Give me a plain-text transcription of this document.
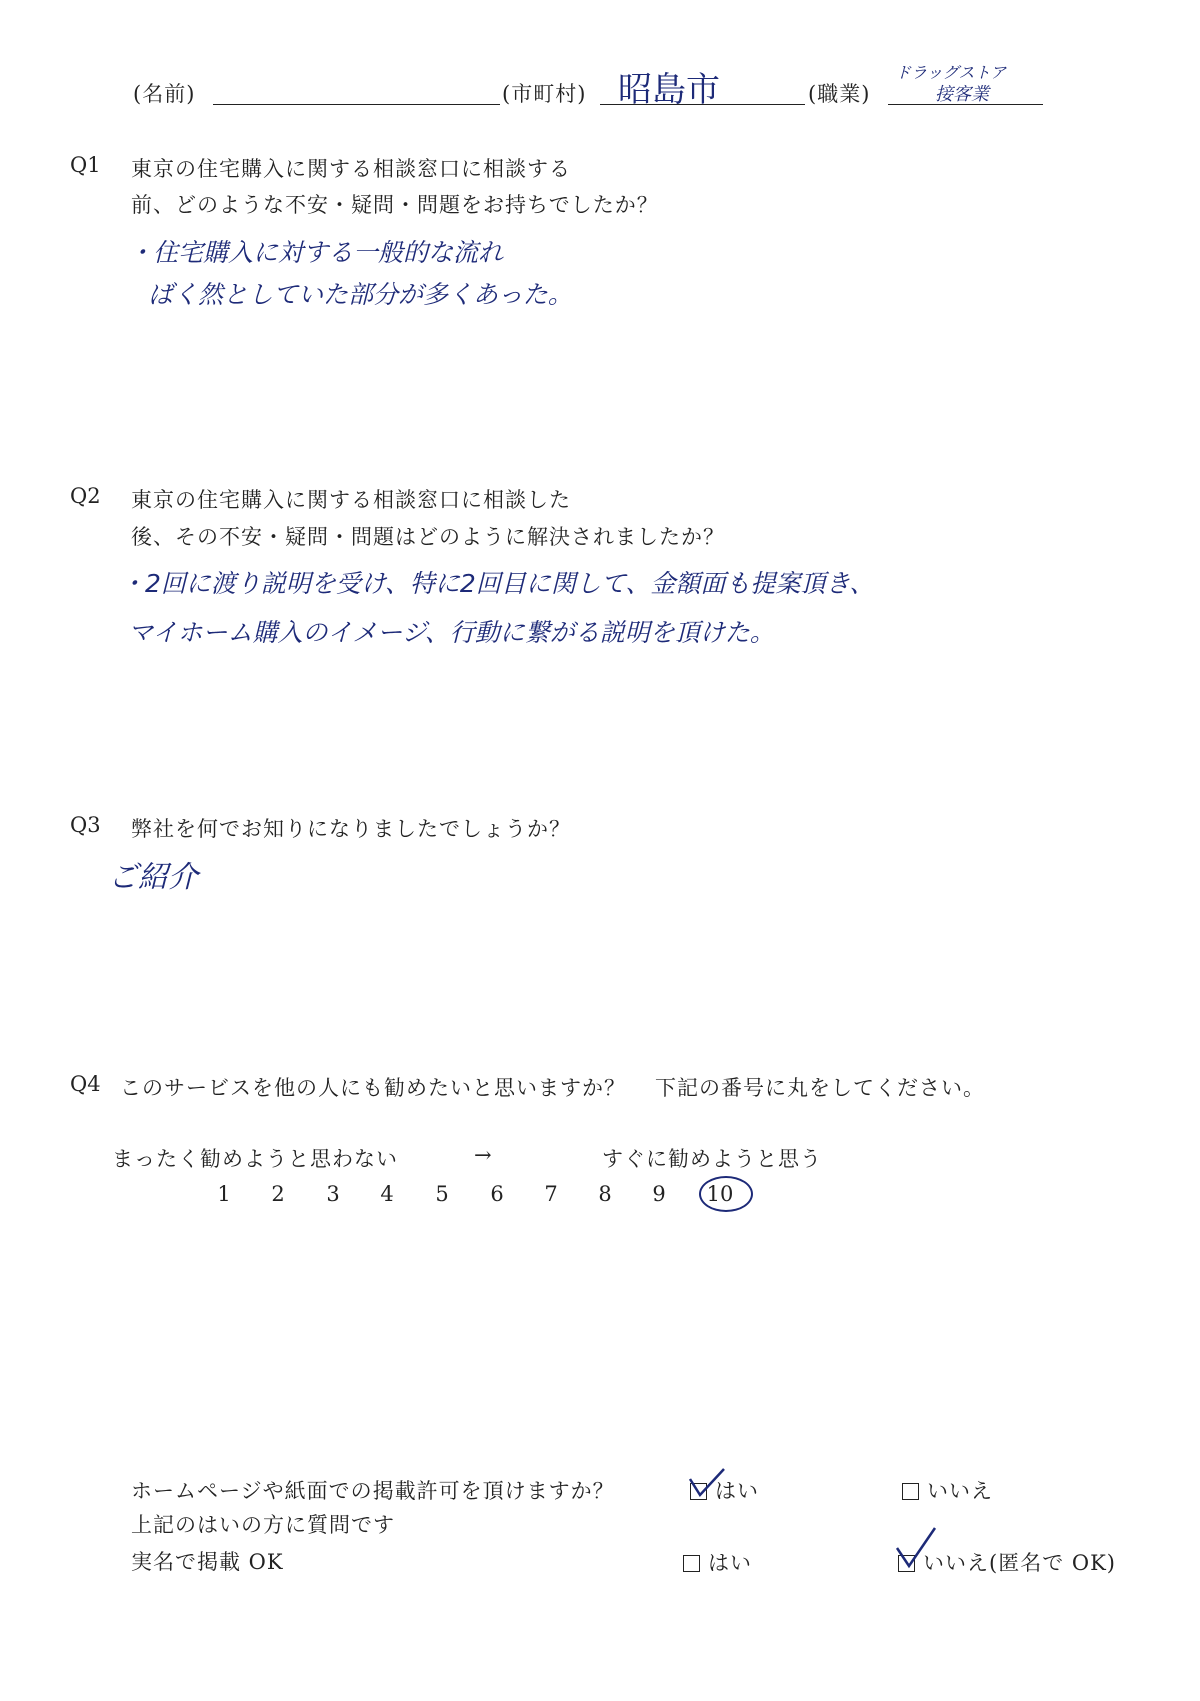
(名前)	(市町村) 昭島市	(職業)
ドラッグストア
接客業
Q1 東京の住宅購入に関する相談窓口に相談する
前、どのような不安・疑問・問題をお持ちでしたか？
・住宅購入に対する一般的な流れ
ばく然としていた部分が多くあった。
Q2 東京の住宅購入に関する相談窓口に相談した
後、その不安・疑問・問題はどのように解決されましたか？
・2回に渡り説明を受け、特に2回目に関して、金額面も提案頂き、
マイホーム購入のイメージ、行動に繋がる説明を頂けた。
Q3 弊社を何でお知りになりましたでしょうか？
ご紹介
Q4 このサービスを他の人にも勧めたいと思いますか？ 下記の番号に丸をしてください。
まったく勧めようと思わない	→	すぐに勧めようと思う
1	2	3	4	5	6	7	8	9	10
ホームページや紙面での掲載許可を頂けますか？	はい	いいえ
上記のはいの方に質問です
実名で掲載 OK	はい	いいえ(匿名で OK)
